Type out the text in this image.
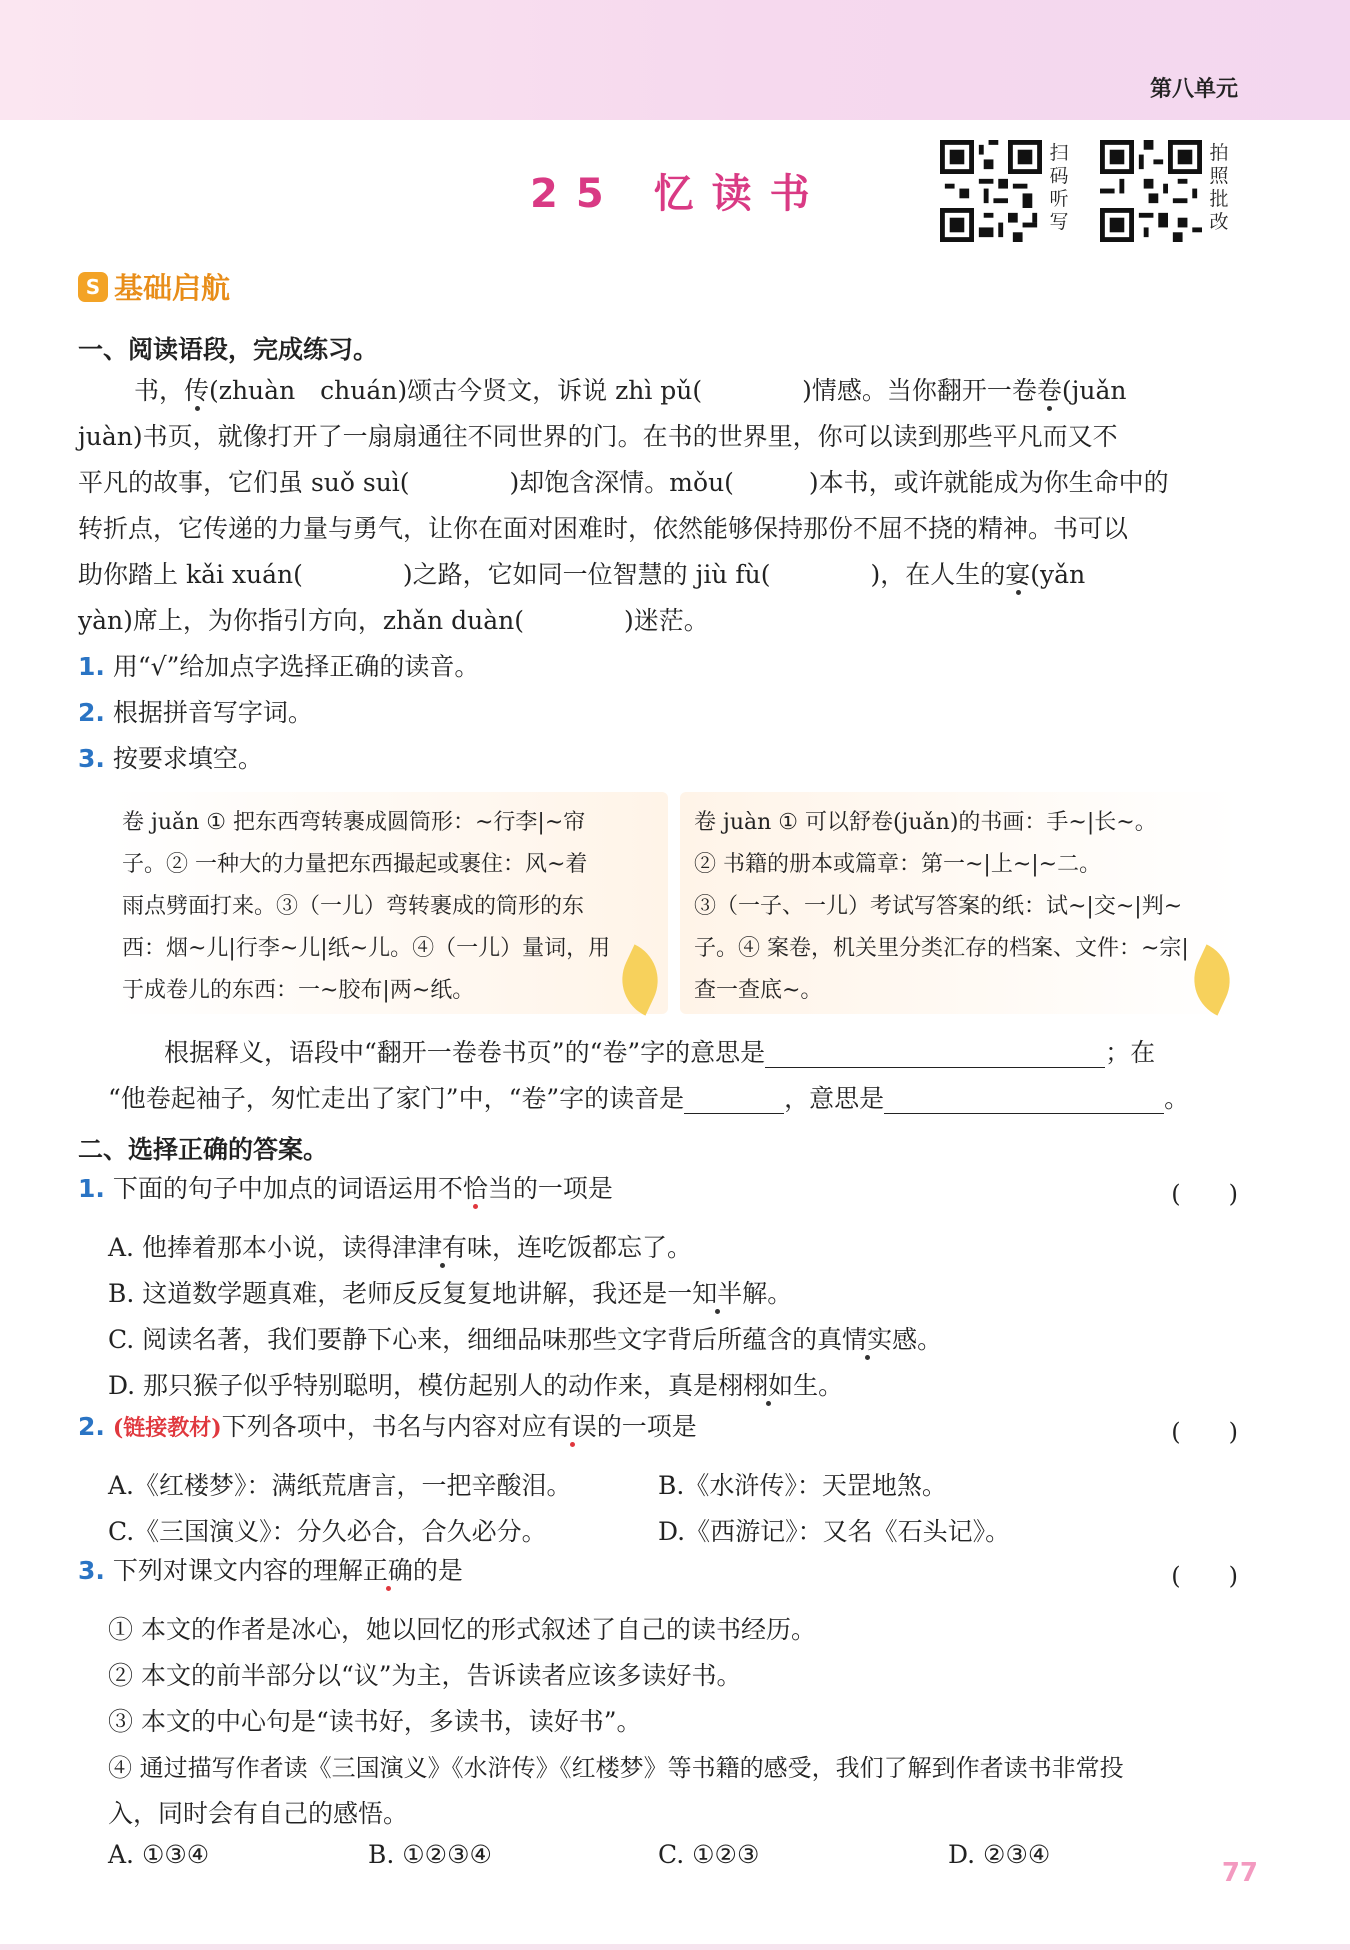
第八单元
25 忆读书
扫码听写
拍照批改
S 基础启航
一、阅读语段，完成练习。
书，传(zhuàn　chuán)颂古今贤文，诉说 zhì pǔ(　　　　)情感。当你翻开一卷卷(juǎn
juàn)书页，就像打开了一扇扇通往不同世界的门。在书的世界里，你可以读到那些平凡而又不
平凡的故事，它们虽 suǒ suì(　　　　)却饱含深情。mǒu(　　　)本书，或许就能成为你生命中的
转折点，它传递的力量与勇气，让你在面对困难时，依然能够保持那份不屈不挠的精神。书可以
助你踏上 kǎi xuán(　　　　)之路，它如同一位智慧的 jiù fù(　　　　)，在人生的宴(yǎn
yàn)席上，为你指引方向，zhǎn duàn(　　　　)迷茫。
1. 用“√”给加点字选择正确的读音。
2. 根据拼音写字词。
3. 按要求填空。
卷 juǎn ① 把东西弯转裹成圆筒形：~行李|~帘
子。② 一种大的力量把东西撮起或裹住：风~着
雨点劈面打来。③（一儿）弯转裹成的筒形的东
西：烟~儿|行李~儿|纸~儿。④（一儿）量词，用
于成卷儿的东西：一~胶布|两~纸。
卷 juàn ① 可以舒卷(juǎn)的书画：手~|长~。
② 书籍的册本或篇章：第一~|上~|~二。
③（一子、一儿）考试写答案的纸：试~|交~|判~
子。④ 案卷，机关里分类汇存的档案、文件：~宗|
查一查底~。
根据释义，语段中“翻开一卷卷书页”的“卷”字的意思是	；在
“他卷起袖子，匆忙走出了家门”中，“卷”字的读音是	，意思是	。
二、选择正确的答案。
1. 下面的句子中加点的词语运用不恰当的一项是	(　　)
A. 他捧着那本小说，读得津津有味，连吃饭都忘了。
B. 这道数学题真难，老师反反复复地讲解，我还是一知半解。
C. 阅读名著，我们要静下心来，细细品味那些文字背后所蕴含的真情实感。
D. 那只猴子似乎特别聪明，模仿起别人的动作来，真是栩栩如生。
2. (链接教材)下列各项中，书名与内容对应有误的一项是	(　　)
A.《红楼梦》：满纸荒唐言，一把辛酸泪。	B.《水浒传》：天罡地煞。
C.《三国演义》：分久必合，合久必分。	D.《西游记》：又名《石头记》。
3. 下列对课文内容的理解正确的是	(　　)
① 本文的作者是冰心，她以回忆的形式叙述了自己的读书经历。
② 本文的前半部分以“议”为主，告诉读者应该多读好书。
③ 本文的中心句是“读书好，多读书，读好书”。
④ 通过描写作者读《三国演义》《水浒传》《红楼梦》等书籍的感受，我们了解到作者读书非常投
入，同时会有自己的感悟。
A. ①③④	B. ①②③④	C. ①②③	D. ②③④
77
